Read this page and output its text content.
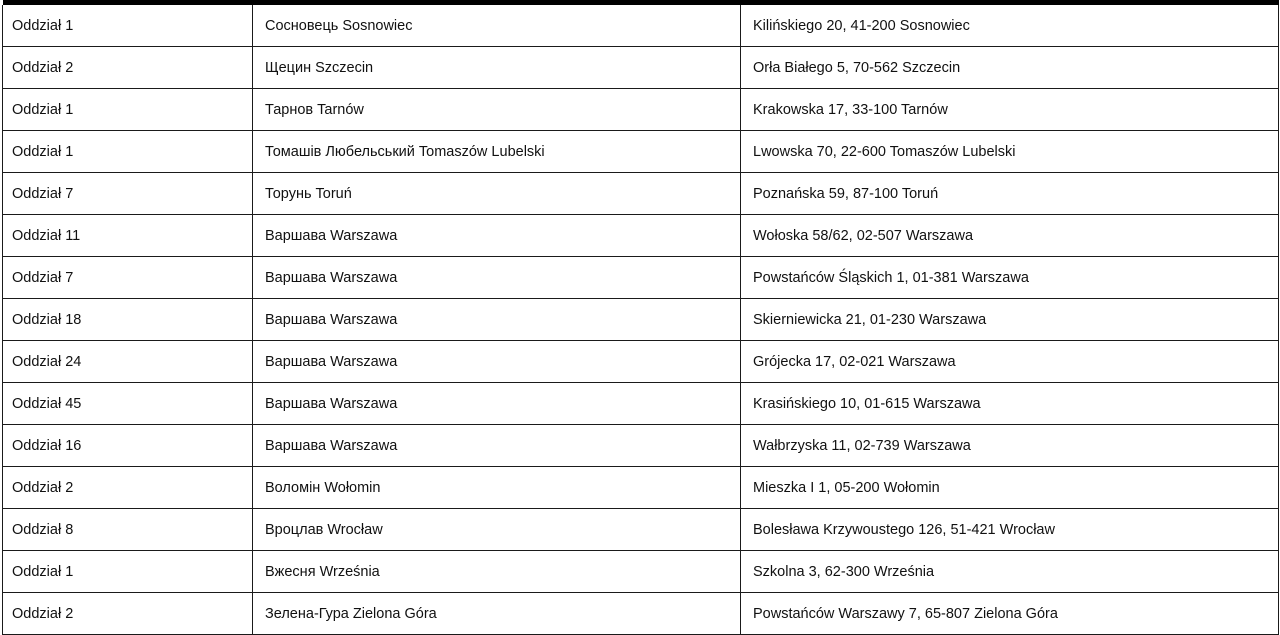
Oddział 1	Сосновець Sosnowiec	Kilińskiego 20, 41-200 Sosnowiec
Oddział 2	Щецин Szczecin	Orła Białego 5, 70-562 Szczecin
Oddział 1	Тарнов Tarnów	Krakowska 17, 33-100 Tarnów
Oddział 1	Томашів Любельський Tomaszów Lubelski	Lwowska 70, 22-600 Tomaszów Lubelski
Oddział 7	Торунь Toruń	Poznańska 59, 87-100 Toruń
Oddział 11	Варшава Warszawa	Wołoska 58/62, 02-507 Warszawa
Oddział 7	Варшава Warszawa	Powstańców Śląskich 1, 01-381 Warszawa
Oddział 18	Варшава Warszawa	Skierniewicka 21, 01-230 Warszawa
Oddział 24	Варшава Warszawa	Grójecka 17, 02-021 Warszawa
Oddział 45	Варшава Warszawa	Krasińskiego 10, 01-615 Warszawa
Oddział 16	Варшава Warszawa	Wałbrzyska 11, 02-739 Warszawa
Oddział 2	Воломін Wołomin	Mieszka I 1, 05-200 Wołomin
Oddział 8	Вроцлав Wrocław	Bolesława Krzywoustego 126, 51-421 Wrocław
Oddział 1	Вжесня Września	Szkolna 3, 62-300 Września
Oddział 2	Зелена-Гура Zielona Góra	Powstańców Warszawy 7, 65-807 Zielona Góra
